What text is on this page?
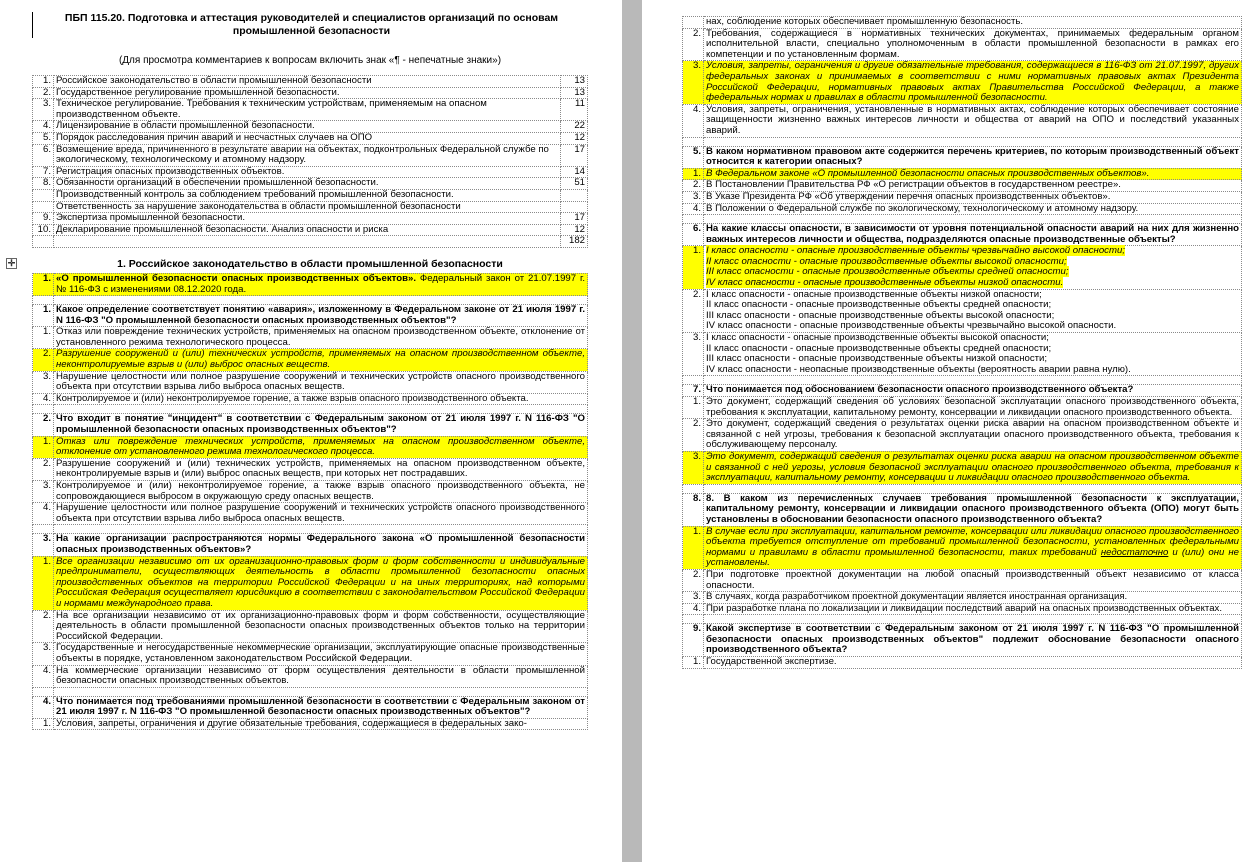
ПБП 115.20. Подготовка и аттестация руководителей и специалистов организаций по основам промышленной безопасности
(Для просмотра комментариев к вопросам включить знак «¶ - непечатные знаки»)
1.	Российское законодательство в области промышленной безопасности	13
2.	Государственное регулирование промышленной безопасности.	13
3.	Техническое регулирование. Требования к техническим устройствам, применяемым на опасном производственном объекте.	11
4.	Лицензирование в области промышленной безопасности.	22
5.	Порядок расследования причин аварий и несчастных случаев на ОПО	12
6.	Возмещение вреда, причиненного в результате аварии на объектах, подконтрольных Федеральной службе по экологическому, технологическому и атомному надзору.	17
7.	Регистрация опасных производственных объектов.	14
8.	Обязанности организаций в обеспечении промышленной безопасности.	51
	Производственный контроль за соблюдением требований промышленной безопасности.	
	Ответственность за нарушение законодательства в области промышленной безопасности	
9.	Экспертиза промышленной безопасности.	17
10.	Декларирование промышленной безопасности. Анализ опасности и риска	12
		182
✛	1. Российское законодательство в области промышленной безопасности
1.	«О промышленной безопасности опасных производственных объектов». Федеральный закон от 21.07.1997 г. № 116-ФЗ с изменениями 08.12.2020 года.

1.	Какое определение соответствует понятию «авария», изложенному в Федеральном законе от 21 июля 1997 г. N 116-ФЗ "О промышленной безопасности опасных производственных объектов"?
1.	Отказ или повреждение технических устройств, применяемых на опасном производственном объекте, отклонение от установленного режима технологического процесса.
2.	Разрушение сооружений и (или) технических устройств, применяемых на опасном производственном объекте, неконтролируемые взрыв и (или) выброс опасных веществ.
3.	Нарушение целостности или полное разрушение сооружений и технических устройств опасного производственного объекта при отсутствии взрыва либо выброса опасных веществ.
4.	Контролируемое и (или) неконтролируемое горение, а также взрыв опасного производственного объекта.

2.	Что входит в понятие "инцидент" в соответствии с Федеральным законом от 21 июля 1997 г. N 116-ФЗ "О промышленной безопасности опасных производственных объектов"?
1.	Отказ или повреждение технических устройств, применяемых на опасном производственном объекте, отклонение от установленного режима технологического процесса.
2.	Разрушение сооружений и (или) технических устройств, применяемых на опасном производственном объекте, неконтролируемые взрыв и (или) выброс опасных веществ, при которых нет пострадавших.
3.	Контролируемое и (или) неконтролируемое горение, а также взрыв опасного производственного объекта, не сопровождающиеся выбросом в окружающую среду опасных веществ.
4.	Нарушение целостности или полное разрушение сооружений и технических устройств опасного производственного объекта при отсутствии взрыва либо выброса опасных веществ.

3.	На какие организации распространяются нормы Федерального закона «О промышленной безопасности опасных производственных объектов»?
1.	Все организации независимо от их организационно-правовых форм и форм собственности и индивидуальные предприниматели, осуществляющих деятельность в области промышленной безопасности опасных производственных объектов на территории Российской Федерации и на иных территориях, над которыми Российская Федерация осуществляет юрисдикцию в соответствии с законодательством Российской Федерации и нормами международного права.
2.	На все организации независимо от их организационно-правовых форм и форм собственности, осуществляющие деятельность в области промышленной безопасности опасных производственных объектов только на территории Российской Федерации.
3.	Государственные и негосударственные некоммерческие организации, эксплуатирующие опасные производственные объекты в порядке, установленном законодательством Российской Федерации.
4.	На коммерческие организации независимо от форм осуществления деятельности в области промышленной безопасности опасных производственных объектов.

4.	Что понимается под требованиями промышленной безопасности в соответствии с Федеральным законом от 21 июля 1997 г. N 116-ФЗ "О промышленной безопасности опасных производственных объектов"?
1.	Условия, запреты, ограничения и другие обязательные требования, содержащиеся в федеральных зако-
	нах, соблюдение которых обеспечивает промышленную безопасность.
2.	Требования, содержащиеся в нормативных технических документах, принимаемых федеральным органом исполнительной власти, специально уполномоченным в области промышленной безопасности в рамках его компетенции и по установленным формам.
3.	Условия, запреты, ограничения и другие обязательные требования, содержащиеся в 116-ФЗ от 21.07.1997, других федеральных законах и принимаемых в соответствии с ними нормативных правовых актах Президента Российской Федерации, нормативных правовых актах Правительства Российской Федерации, а также федеральных нормах и правилах в области промышленной безопасности.
4.	Условия, запреты, ограничения, установленные в нормативных актах, соблюдение которых обеспечивает состояние защищенности жизненно важных интересов личности и общества от аварий на ОПО и последствий указанных аварий.

5.	В каком нормативном правовом акте содержится перечень критериев, по которым производственный объект относится к категории опасных?
1.	В Федеральном законе «О промышленной безопасности опасных производственных объектов».
2.	В Постановлении Правительства РФ «О регистрации объектов в государственном реестре».
3.	В Указе Президента РФ «Об утверждении перечня опасных производственных объектов».
4.	В Положении о Федеральной службе по экологическому, технологическому и атомному надзору.

6.	На какие классы опасности, в зависимости от уровня потенциальной опасности аварий на них для жизненно важных интересов личности и общества, подразделяются опасные производственные объекты?
1.	I класс опасности - опасные производственные объекты чрезвычайно высокой опасности;
II класс опасности - опасные производственные объекты высокой опасности;
III класс опасности - опасные производственные объекты средней опасности;
IV класс опасности - опасные производственные объекты низкой опасности.
2.	I класс опасности - опасные производственные объекты низкой опасности;
II класс опасности - опасные производственные объекты средней опасности;
III класс опасности - опасные производственные объекты высокой опасности;
IV класс опасности - опасные производственные объекты чрезвычайно высокой опасности.

3.	I класс опасности - опасные производственные объекты высокой опасности;
II класс опасности - опасные производственные объекты средней опасности;
III класс опасности - опасные производственные объекты низкой опасности;
IV класс опасности - неопасные производственные объекты (вероятность аварии равна нулю).

7.	Что понимается под обоснованием безопасности опасного производственного объекта?
1.	Это документ, содержащий сведения об условиях безопасной эксплуатации опасного производственного объекта, требования к эксплуатации, капитальному ремонту, консервации и ликвидации опасного производственного объекта.
2.	Это документ, содержащий сведения о результатах оценки риска аварии на опасном производственном объекте и связанной с ней угрозы, требования к безопасной эксплуатации опасного производственного объекта, требования к обслуживающему персоналу.
3.	Это документ, содержащий сведения о результатах оценки риска аварии на опасном производственном объекте и связанной с ней угрозы, условия безопасной эксплуатации опасного производственного объекта, требования к эксплуатации, капитальному ремонту, консервации и ликвидации опасного производственного объекта.

8.	8. В каком из перечисленных случаев требования промышленной безопасности к эксплуатации, капитальному ремонту, консервации и ликвидации опасного производственного объекта (ОПО) могут быть установлены в обосновании безопасности опасного производственного объекта?
1.	В случае если при эксплуатации, капитальном ремонте, консервации или ликвидации опасного производственного объекта требуется отступление от требований промышленной безопасности, установленных федеральными нормами и правилами в области промышленной безопасности, таких требований недостаточно и (или) они не установлены.
2.	При подготовке проектной документации на любой опасный производственный объект независимо от класса опасности.
3.	В случаях, когда разработчиком проектной документации является иностранная организация.
4.	При разработке плана по локализации и ликвидации последствий аварий на опасных производственных объектах.

9.	Какой экспертизе в соответствии с Федеральным законом от 21 июля 1997 г. N 116-ФЗ "О промышленной безопасности опасных производственных объектов" подлежит обоснование безопасности опасного производственного объекта?
1.	Государственной экспертизе.
